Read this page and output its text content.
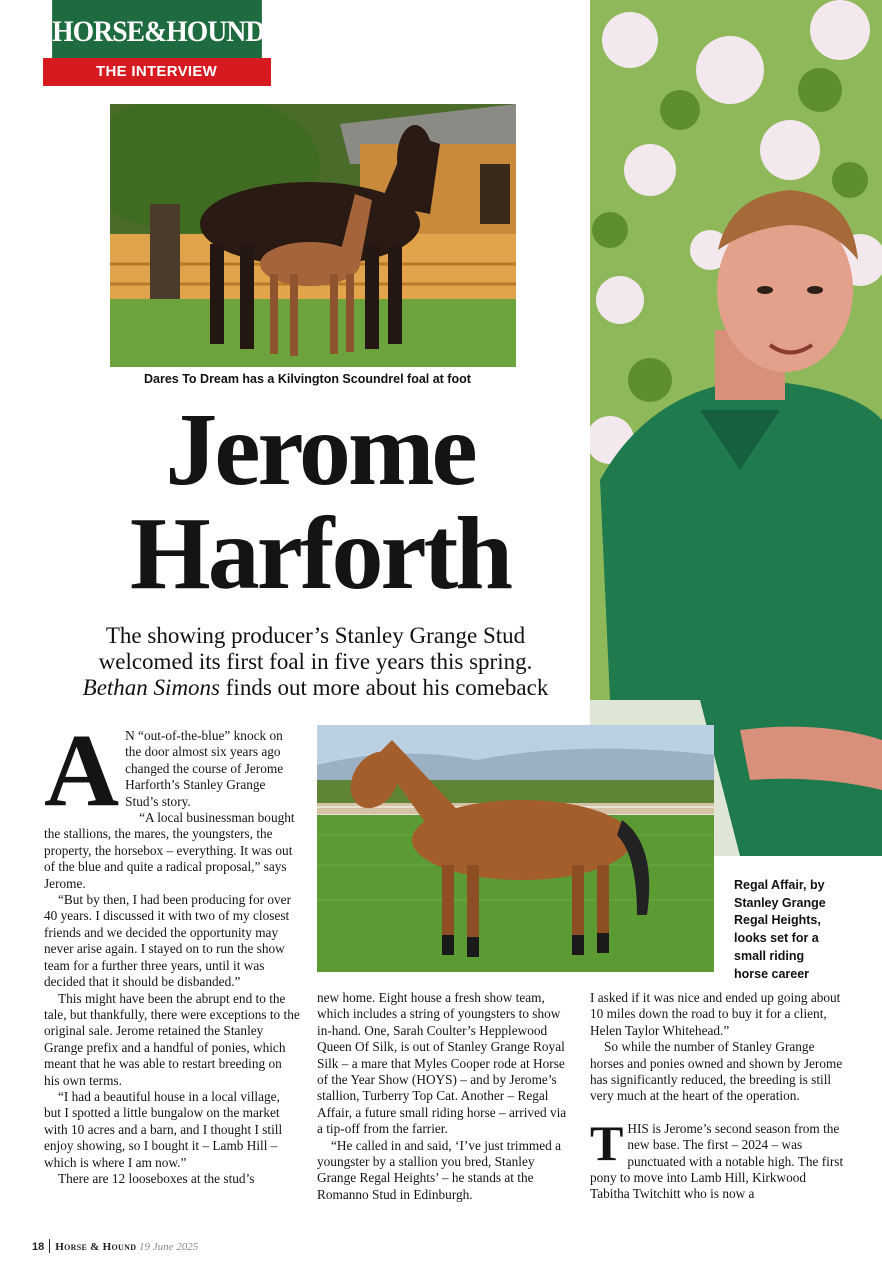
HORSE&HOUND
THE INTERVIEW
Dares To Dream has a Kilvington Scoundrel foal at foot
Jerome
Harforth
The showing producer’s Stanley Grange Stud
welcomed its first foal in five years this spring.
Bethan Simons finds out more about his comeback
Regal Affair, by
Stanley Grange
Regal Heights,
looks set for a
small riding
horse career
A N “out-of-the-blue” knock on the door almost six years ago changed the course of Jerome Harforth’s Stanley Grange Stud’s story.

“A local businessman bought the stallions, the mares, the youngsters, the property, the horsebox – everything. It was out of the blue and quite a radical proposal,” says Jerome.

“But by then, I had been producing for over 40 years. I discussed it with two of my closest friends and we decided the opportunity may never arise again. I stayed on to run the show team for a further three years, until it was decided that it should be disbanded.”

This might have been the abrupt end to the tale, but thankfully, there were exceptions to the original sale. Jerome retained the Stanley Grange prefix and a handful of ponies, which meant that he was able to restart breeding on his own terms.

“I had a beautiful house in a local village, but I spotted a little bungalow on the market with 10 acres and a barn, and I thought I still enjoy showing, so I bought it – Lamb Hill – which is where I am now.”

There are 12 looseboxes at the stud’s

new home. Eight house a fresh show team, which includes a string of youngsters to show in-hand. One, Sarah Coulter’s Hepplewood Queen Of Silk, is out of Stanley Grange Royal Silk – a mare that Myles Cooper rode at Horse of the Year Show (HOYS) – and by Jerome’s stallion, Turberry Top Cat. Another – Regal Affair, a future small riding horse – arrived via a tip-off from the farrier.

“He called in and said, ‘I’ve just trimmed a youngster by a stallion you bred, Stanley Grange Regal Heights’ – he stands at the Romanno Stud in Edinburgh.

I asked if it was nice and ended up going about 10 miles down the road to buy it for a client, Helen Taylor Whitehead.”

So while the number of Stanley Grange horses and ponies owned and shown by Jerome has significantly reduced, the breeding is still very much at the heart of the operation.

T HIS is Jerome’s second season from the new base. The first – 2024 – was punctuated with a notable high. The first pony to move into Lamb Hill, Kirkwood Tabitha Twitchitt who is now a

18 Horse & Hound 19 June 2025
